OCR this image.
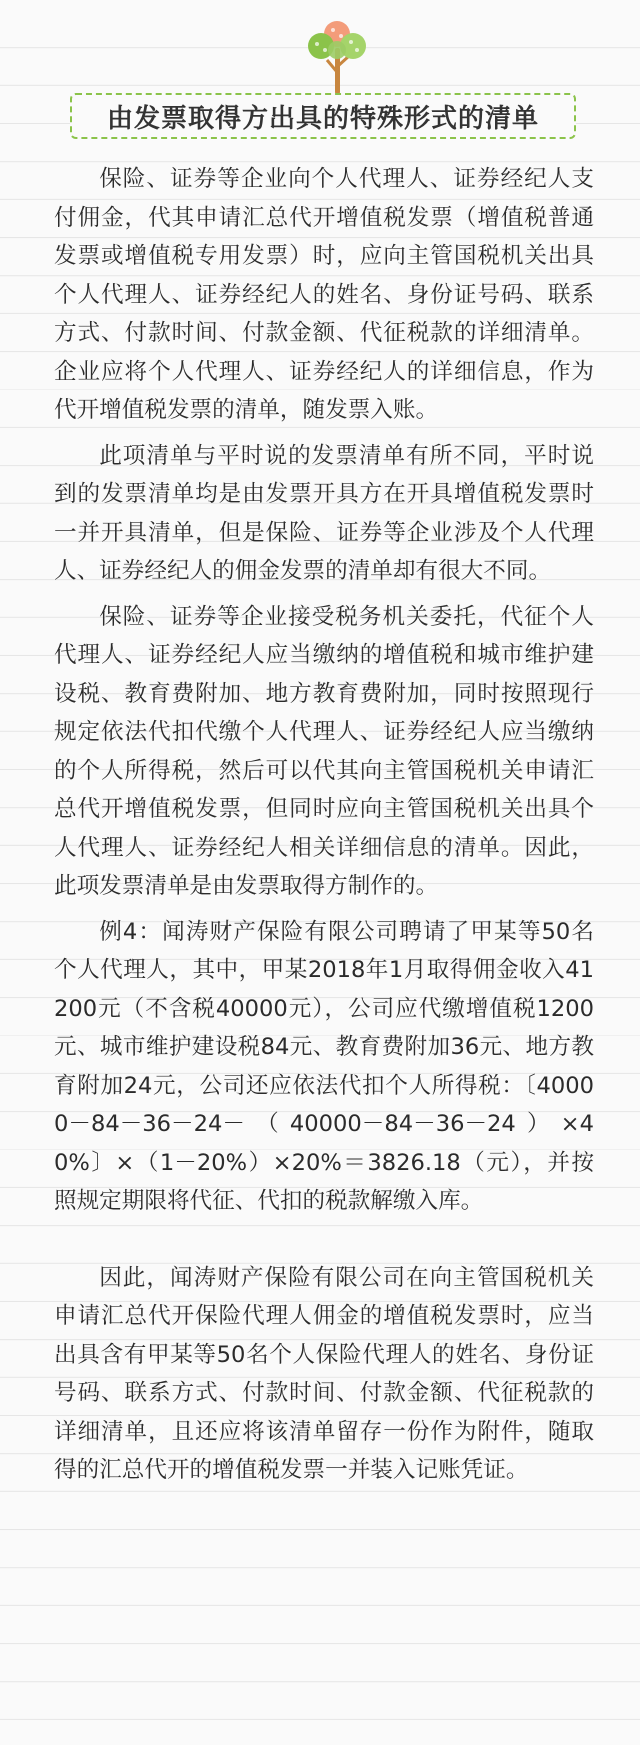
由发票取得方出具的特殊形式的清单

保险、证券等企业向个人代理人、证券经纪人支付佣金，代其申请汇总代开增值税发票（增值税普通发票或增值税专用发票）时，应向主管国税机关出具个人代理人、证券经纪人的姓名、身份证号码、联系方式、付款时间、付款金额、代征税款的详细清单。企业应将个人代理人、证券经纪人的详细信息，作为代开增值税发票的清单，随发票入账。

此项清单与平时说的发票清单有所不同，平时说到的发票清单均是由发票开具方在开具增值税发票时一并开具清单，但是保险、证券等企业涉及个人代理人、证券经纪人的佣金发票的清单却有很大不同。

保险、证券等企业接受税务机关委托，代征个人代理人、证券经纪人应当缴纳的增值税和城市维护建设税、教育费附加、地方教育费附加，同时按照现行规定依法代扣代缴个人代理人、证券经纪人应当缴纳的个人所得税，然后可以代其向主管国税机关申请汇总代开增值税发票，但同时应向主管国税机关出具个人代理人、证券经纪人相关详细信息的清单。因此，此项发票清单是由发票取得方制作的。

例4：闻涛财产保险有限公司聘请了甲某等50名个人代理人，其中，甲某2018年1月取得佣金收入41200元（不含税40000元），公司应代缴增值税1200元、城市维护建设税84元、教育费附加36元、地方教育附加24元，公司还应依法代扣个人所得税：〔40000－84－36－24－（40000－84－36－24）×40%〕×（1－20%）×20%＝3826.18（元），并按照规定期限将代征、代扣的税款解缴入库。

因此，闻涛财产保险有限公司在向主管国税机关申请汇总代开保险代理人佣金的增值税发票时，应当出具含有甲某等50名个人保险代理人的姓名、身份证号码、联系方式、付款时间、付款金额、代征税款的详细清单，且还应将该清单留存一份作为附件，随取得的汇总代开的增值税发票一并装入记账凭证。
